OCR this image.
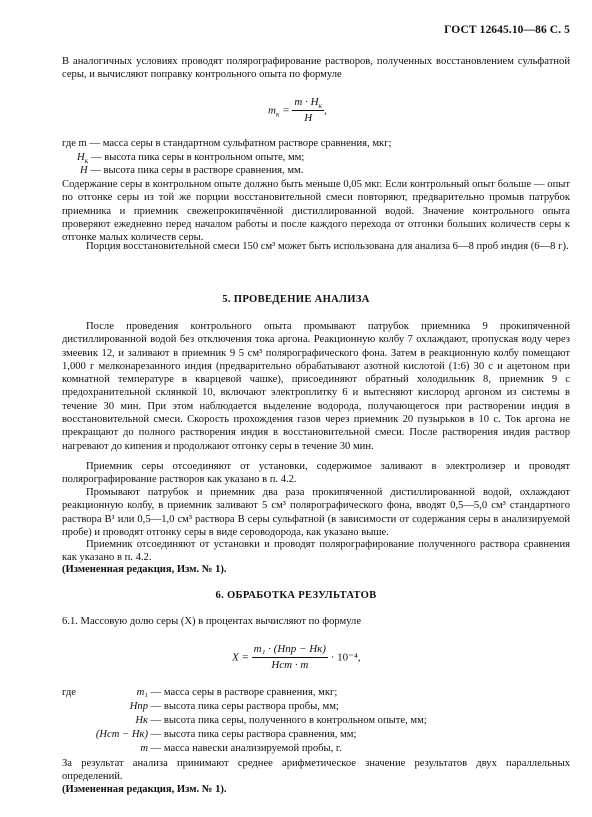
ГОСТ 12645.10—86 С. 5
В аналогичных условиях проводят полярографирование растворов, полученных восстановлением сульфатной серы, и вычисляют поправку контрольного опыта по формуле
$m_к = \frac{m \cdot H_к}{H}$ ,
где m — масса серы в стандартном сульфатном растворе сравнения, мкг;
$H_к$ — высота пика серы в контрольном опыте, мм;
H — высота пика серы в растворе сравнения, мм.
Содержание серы в контрольном опыте должно быть меньше 0,05 мкг. Если контрольный опыт больше — опыт по отгонке серы из той же порции восстановительной смеси повторяют, предварительно промыв патрубок приемника и приемник свежепрокипячённой дистиллированной водой. Значение контрольного опыта проверяют ежедневно перед началом работы и после каждого перехода от отгонки больших количеств серы к отгонке малых количеств серы.
Порция восстановительной смеси 150 см³ может быть использована для анализа 6—8 проб индия (6—8 г).
5. ПРОВЕДЕНИЕ АНАЛИЗА
После проведения контрольного опыта промывают патрубок приемника 9 прокипяченной дистиллированной водой без отключения тока аргона. Реакционную колбу 7 охлаждают, пропуская воду через змеевик 12, и заливают в приемник 9 5 см³ полярографического фона. Затем в реакционную колбу помещают 1,000 г мелконарезанного индия (предварительно обрабатывают азотной кислотой (1:6) 30 с и ацетоном при комнатной температуре в кварцевой чашке), присоединяют обратный холодильник 8, приемник 9 с предохранительной склянкой 10, включают электроплитку 6 и вытесняют кислород аргоном из системы в течение 30 мин. При этом наблюдается выделение водорода, получающегося при растворении индия в восстановительной смеси. Скорость прохождения газов через приемник 20 пузырьков в 10 с. Ток аргона не прекращают до полного растворения индия в восстановительной смеси. После растворения индия раствор нагревают до кипения и продолжают отгонку серы в течение 30 мин.
Приемник серы отсоединяют от установки, содержимое заливают в электролизер и проводят полярографирование растворов как указано в п. 4.2.
Промывают патрубок и приемник два раза прокипяченной дистиллированной водой, охлаждают реакционную колбу, в приемник заливают 5 см³ полярографического фона, вводят 0,5—5,0 см³ стандартного раствора В¹ или 0,5—1,0 см³ раствора В серы сульфатной (в зависимости от содержания серы в анализируемой пробе) и проводят отгонку серы в виде сероводорода, как указано выше.
Приемник отсоединяют от установки и проводят полярографирование полученного раствора сравнения как указано в п. 4.2.
(Измененная редакция, Изм. № 1).
6. ОБРАБОТКА РЕЗУЛЬТАТОВ
6.1. Массовую долю серы (X) в процентах вычисляют по формуле
$X = \frac{\text{m₁ · (Hпр − Hк)}}{\text{Hст · m}} \cdot 10^{-4}$,
где	m₁ — масса серы в растворе сравнения, мкг;
Hпр — высота пика серы раствора пробы, мм;
Hк — высота пика серы, полученного в контрольном опыте, мм;
(Hст − Hк) — высота пика серы раствора сравнения, мм;
m — масса навески анализируемой пробы, г.
За результат анализа принимают среднее арифметическое значение результатов двух параллельных определений.
(Измененная редакция, Изм. № 1).
